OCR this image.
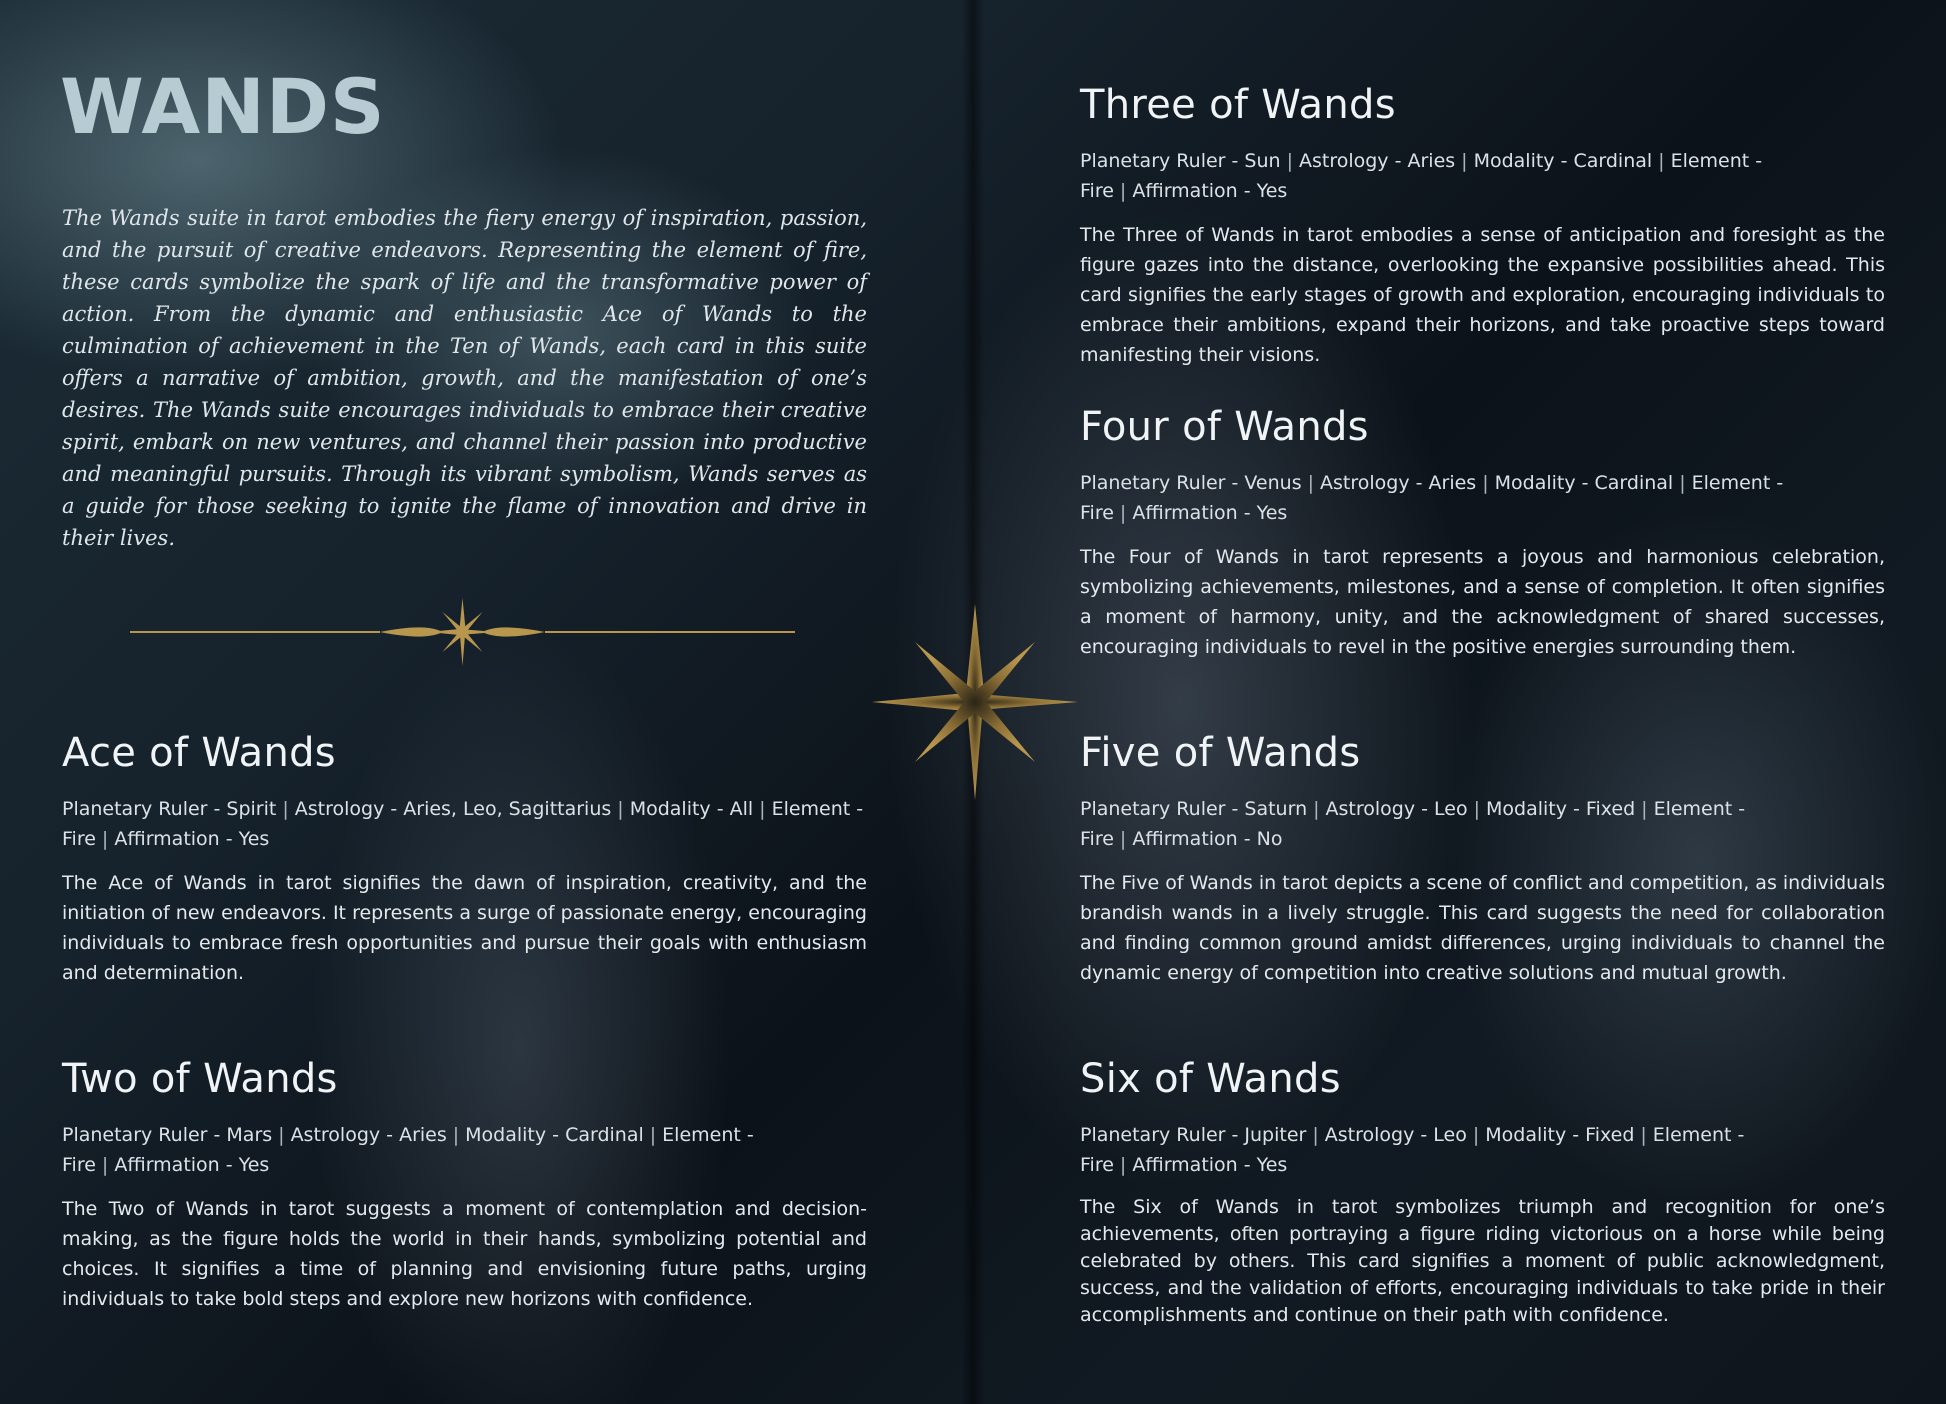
WANDS

The Wands suite in tarot embodies the fiery energy of inspiration, passion, and the pursuit of creative endeavors. Representing the element of fire, these cards symbolize the spark of life and the transformative power of action. From the dynamic and enthusiastic Ace of Wands to the culmination of achievement in the Ten of Wands, each card in this suite offers a narrative of ambition, growth, and the manifestation of one’s desires. The Wands suite encourages individuals to embrace their creative spirit, embark on new ventures, and channel their passion into productive and meaningful pursuits. Through its vibrant symbolism, Wands serves as a guide for those seeking to ignite the flame of innovation and drive in their lives.

Ace of Wands

Planetary Ruler - Spirit | Astrology - Aries, Leo, Sagittarius | Modality - All | Element - Fire | Affirmation - Yes

The Ace of Wands in tarot signifies the dawn of inspiration, creativity, and the initiation of new endeavors. It represents a surge of passionate energy, encouraging individuals to embrace fresh opportunities and pursue their goals with enthusiasm and determination.

Two of Wands

Planetary Ruler - Mars | Astrology - Aries | Modality - Cardinal | Element - Fire | Affirmation - Yes

The Two of Wands in tarot suggests a moment of contemplation and decision-making, as the figure holds the world in their hands, symbolizing potential and choices. It signifies a time of planning and envisioning future paths, urging individuals to take bold steps and explore new horizons with confidence.

Three of Wands

Planetary Ruler - Sun | Astrology - Aries | Modality - Cardinal | Element - Fire | Affirmation - Yes

The Three of Wands in tarot embodies a sense of anticipation and foresight as the figure gazes into the distance, overlooking the expansive possibilities ahead. This card signifies the early stages of growth and exploration, encouraging individuals to embrace their ambitions, expand their horizons, and take proactive steps toward manifesting their visions.

Four of Wands

Planetary Ruler - Venus | Astrology - Aries | Modality - Cardinal | Element - Fire | Affirmation - Yes

The Four of Wands in tarot represents a joyous and harmonious celebration, symbolizing achievements, milestones, and a sense of completion. It often signifies a moment of harmony, unity, and the acknowledgment of shared successes, encouraging individuals to revel in the positive energies surrounding them.

Five of Wands

Planetary Ruler - Saturn | Astrology - Leo | Modality - Fixed | Element - Fire | Affirmation - No

The Five of Wands in tarot depicts a scene of conflict and competition, as individuals brandish wands in a lively struggle. This card suggests the need for collaboration and finding common ground amidst differences, urging individuals to channel the dynamic energy of competition into creative solutions and mutual growth.

Six of Wands

Planetary Ruler - Jupiter | Astrology - Leo | Modality - Fixed | Element - Fire | Affirmation - Yes

The Six of Wands in tarot symbolizes triumph and recognition for one’s achievements, often portraying a figure riding victorious on a horse while being celebrated by others. This card signifies a moment of public acknowledgment, success, and the validation of efforts, encouraging individuals to take pride in their accomplishments and continue on their path with confidence.
